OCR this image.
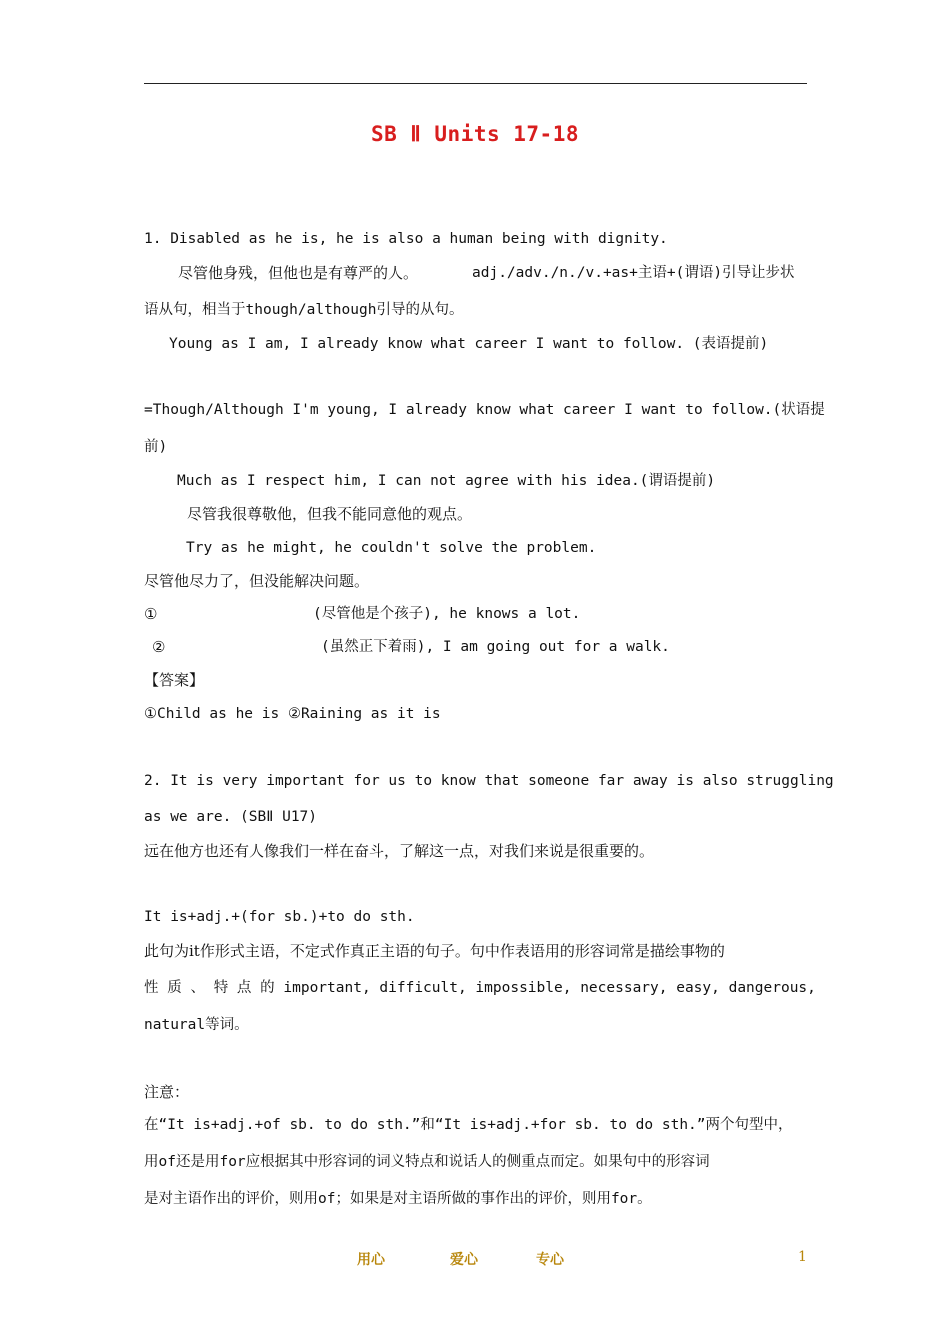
SB Ⅱ Units 17-18
1. Disabled as he is, he is also a human being with dignity.
尽管他身残，但他也是有尊严的人。	adj./adv./n./v.+as+主语+(谓语)引导让步状
语从句，相当于though/although引导的从句。
Young as I am, I already know what career I want to follow. (表语提前)
=Though/Although I'm young, I already know what career I want to follow.(状语提
前)
Much as I respect him, I can not agree with his idea.(谓语提前)
尽管我很尊敬他，但我不能同意他的观点。
Try as he might, he couldn't solve the problem.
尽管他尽力了，但没能解决问题。
①	(尽管他是个孩子), he knows a lot.
②	(虽然正下着雨), I am going out for a walk.
【答案】
①Child as he is ②Raining as it is
2. It is very important for us to know that someone far away is also struggling
as we are. (SBⅡ U17)
远在他方也还有人像我们一样在奋斗，了解这一点，对我们来说是很重要的。
It is+adj.+(for sb.)+to do sth.
此句为it作形式主语，不定式作真正主语的句子。句中作表语用的形容词常是描绘事物的
性 质 、 特 点 的 important, difficult, impossible, necessary, easy, dangerous,
natural等词。
注意：
在“It is+adj.+of sb. to do sth.”和“It is+adj.+for sb. to do sth.”两个句型中，
用of还是用for应根据其中形容词的词义特点和说话人的侧重点而定。如果句中的形容词
是对主语作出的评价，则用of；如果是对主语所做的事作出的评价，则用for。
用心	爱心	专心	1
